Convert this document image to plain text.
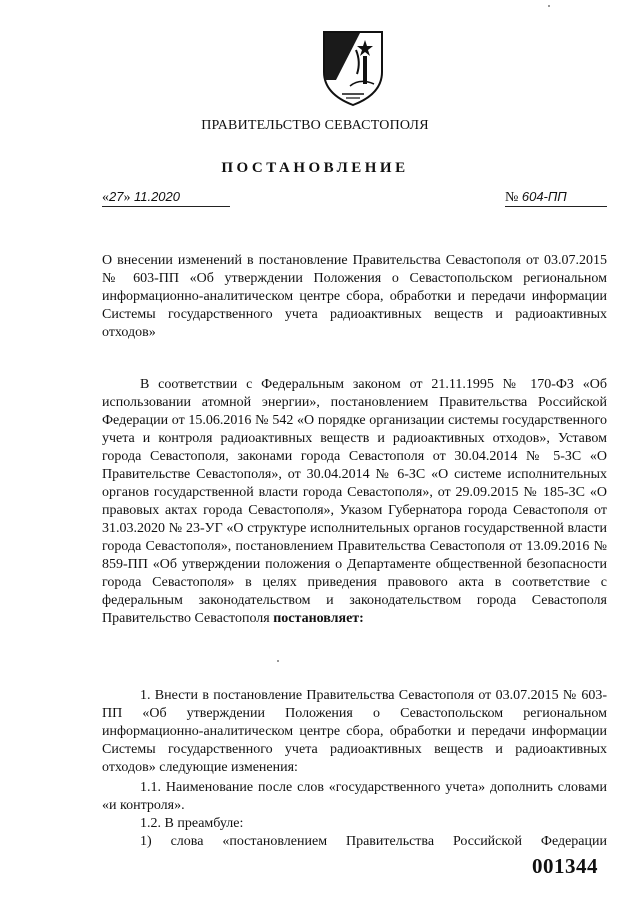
ПРАВИТЕЛЬСТВО СЕВАСТОПОЛЯ
ПОСТАНОВЛЕНИЕ
«27» 11.2020	№ 604-ПП
О внесении изменений в постановление Правительства Севастополя от 03.07.2015 № 603-ПП «Об утверждении Положения о Севастопольском региональном информационно-аналитическом центре сбора, обработки и передачи информации Системы государственного учета радиоактивных веществ и радиоактивных отходов»
В соответствии с Федеральным законом от 21.11.1995 № 170-ФЗ «Об использовании атомной энергии», постановлением Правительства Российской Федерации от 15.06.2016 № 542 «О порядке организации системы государственного учета и контроля радиоактивных веществ и радиоактивных отходов», Уставом города Севастополя, законами города Севастополя от 30.04.2014 № 5-ЗС «О Правительстве Севастополя», от 30.04.2014 № 6-ЗС «О системе исполнительных органов государственной власти города Севастополя», от 29.09.2015 № 185-ЗС «О правовых актах города Севастополя», Указом Губернатора города Севастополя от 31.03.2020 № 23-УГ «О структуре исполнительных органов государственной власти города Севастополя», постановлением Правительства Севастополя от 13.09.2016 № 859-ПП «Об утверждении положения о Департаменте общественной безопасности города Севастополя» в целях приведения правового акта в соответствие с федеральным законодательством и законодательством города Севастополя Правительство Севастополя постановляет:
1. Внести в постановление Правительства Севастополя от 03.07.2015 № 603-ПП «Об утверждении Положения о Севастопольском региональном информационно-аналитическом центре сбора, обработки и передачи информации Системы государственного учета радиоактивных веществ и радиоактивных отходов» следующие изменения:
1.1. Наименование после слов «государственного учета» дополнить словами «и контроля».
1.2. В преамбуле:
1) слова «постановлением Правительства Российской Федерации
001344
